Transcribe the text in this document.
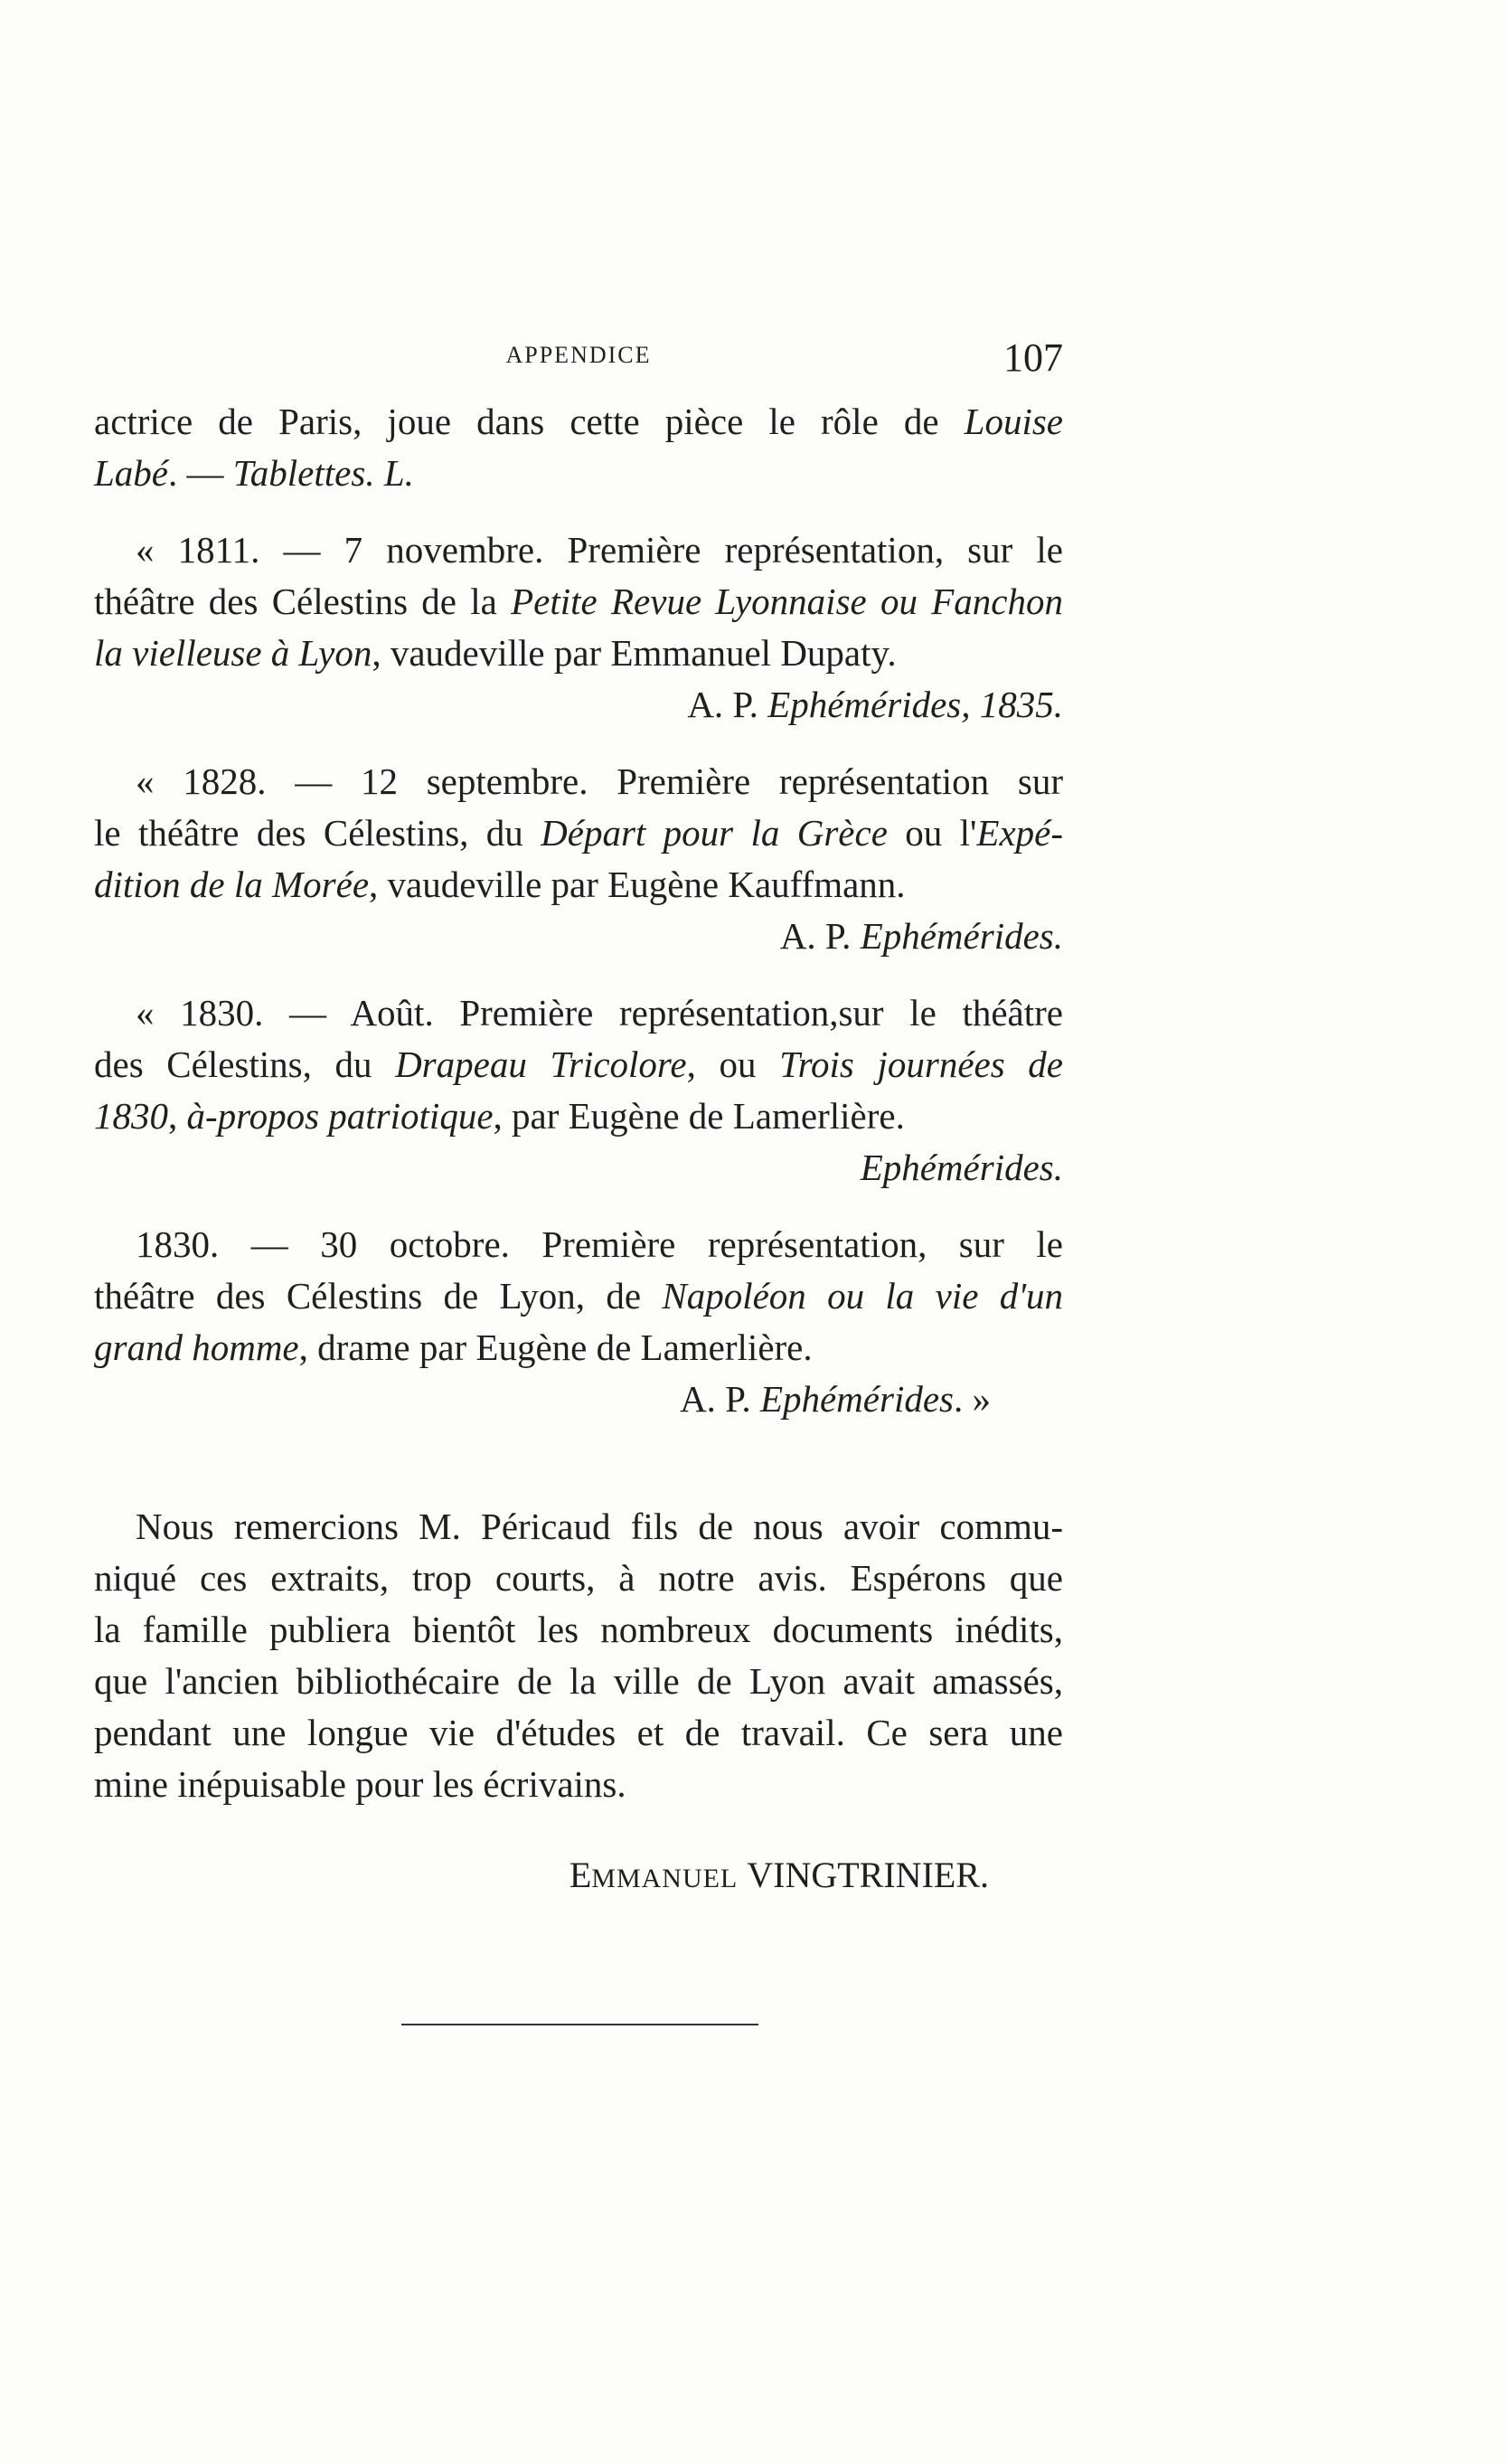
APPENDICE	107
actrice de Paris, joue dans cette pièce le rôle de Louise
Labé. — Tablettes. L.
« 1811. — 7 novembre. Première représentation, sur le
théâtre des Célestins de la Petite Revue Lyonnaise ou Fanchon
la vielleuse à Lyon, vaudeville par Emmanuel Dupaty.
A. P. Ephémérides, 1835.
« 1828. — 12 septembre. Première représentation sur
le théâtre des Célestins, du Départ pour la Grèce ou l'Expé-
dition de la Morée, vaudeville par Eugène Kauffmann.
A. P. Ephémérides.
« 1830. — Août. Première représentation,sur le théâtre
des Célestins, du Drapeau Tricolore, ou Trois journées de
1830, à-propos patriotique, par Eugène de Lamerlière.
Ephémérides.
1830. — 30 octobre. Première représentation, sur le
théâtre des Célestins de Lyon, de Napoléon ou la vie d'un
grand homme, drame par Eugène de Lamerlière.
A. P. Ephémérides. »
Nous remercions M. Péricaud fils de nous avoir commu-
niqué ces extraits, trop courts, à notre avis. Espérons que
la famille publiera bientôt les nombreux documents inédits,
que l'ancien bibliothécaire de la ville de Lyon avait amassés,
pendant une longue vie d'études et de travail. Ce sera une
mine inépuisable pour les écrivains.
EMMANUEL VINGTRINIER.
